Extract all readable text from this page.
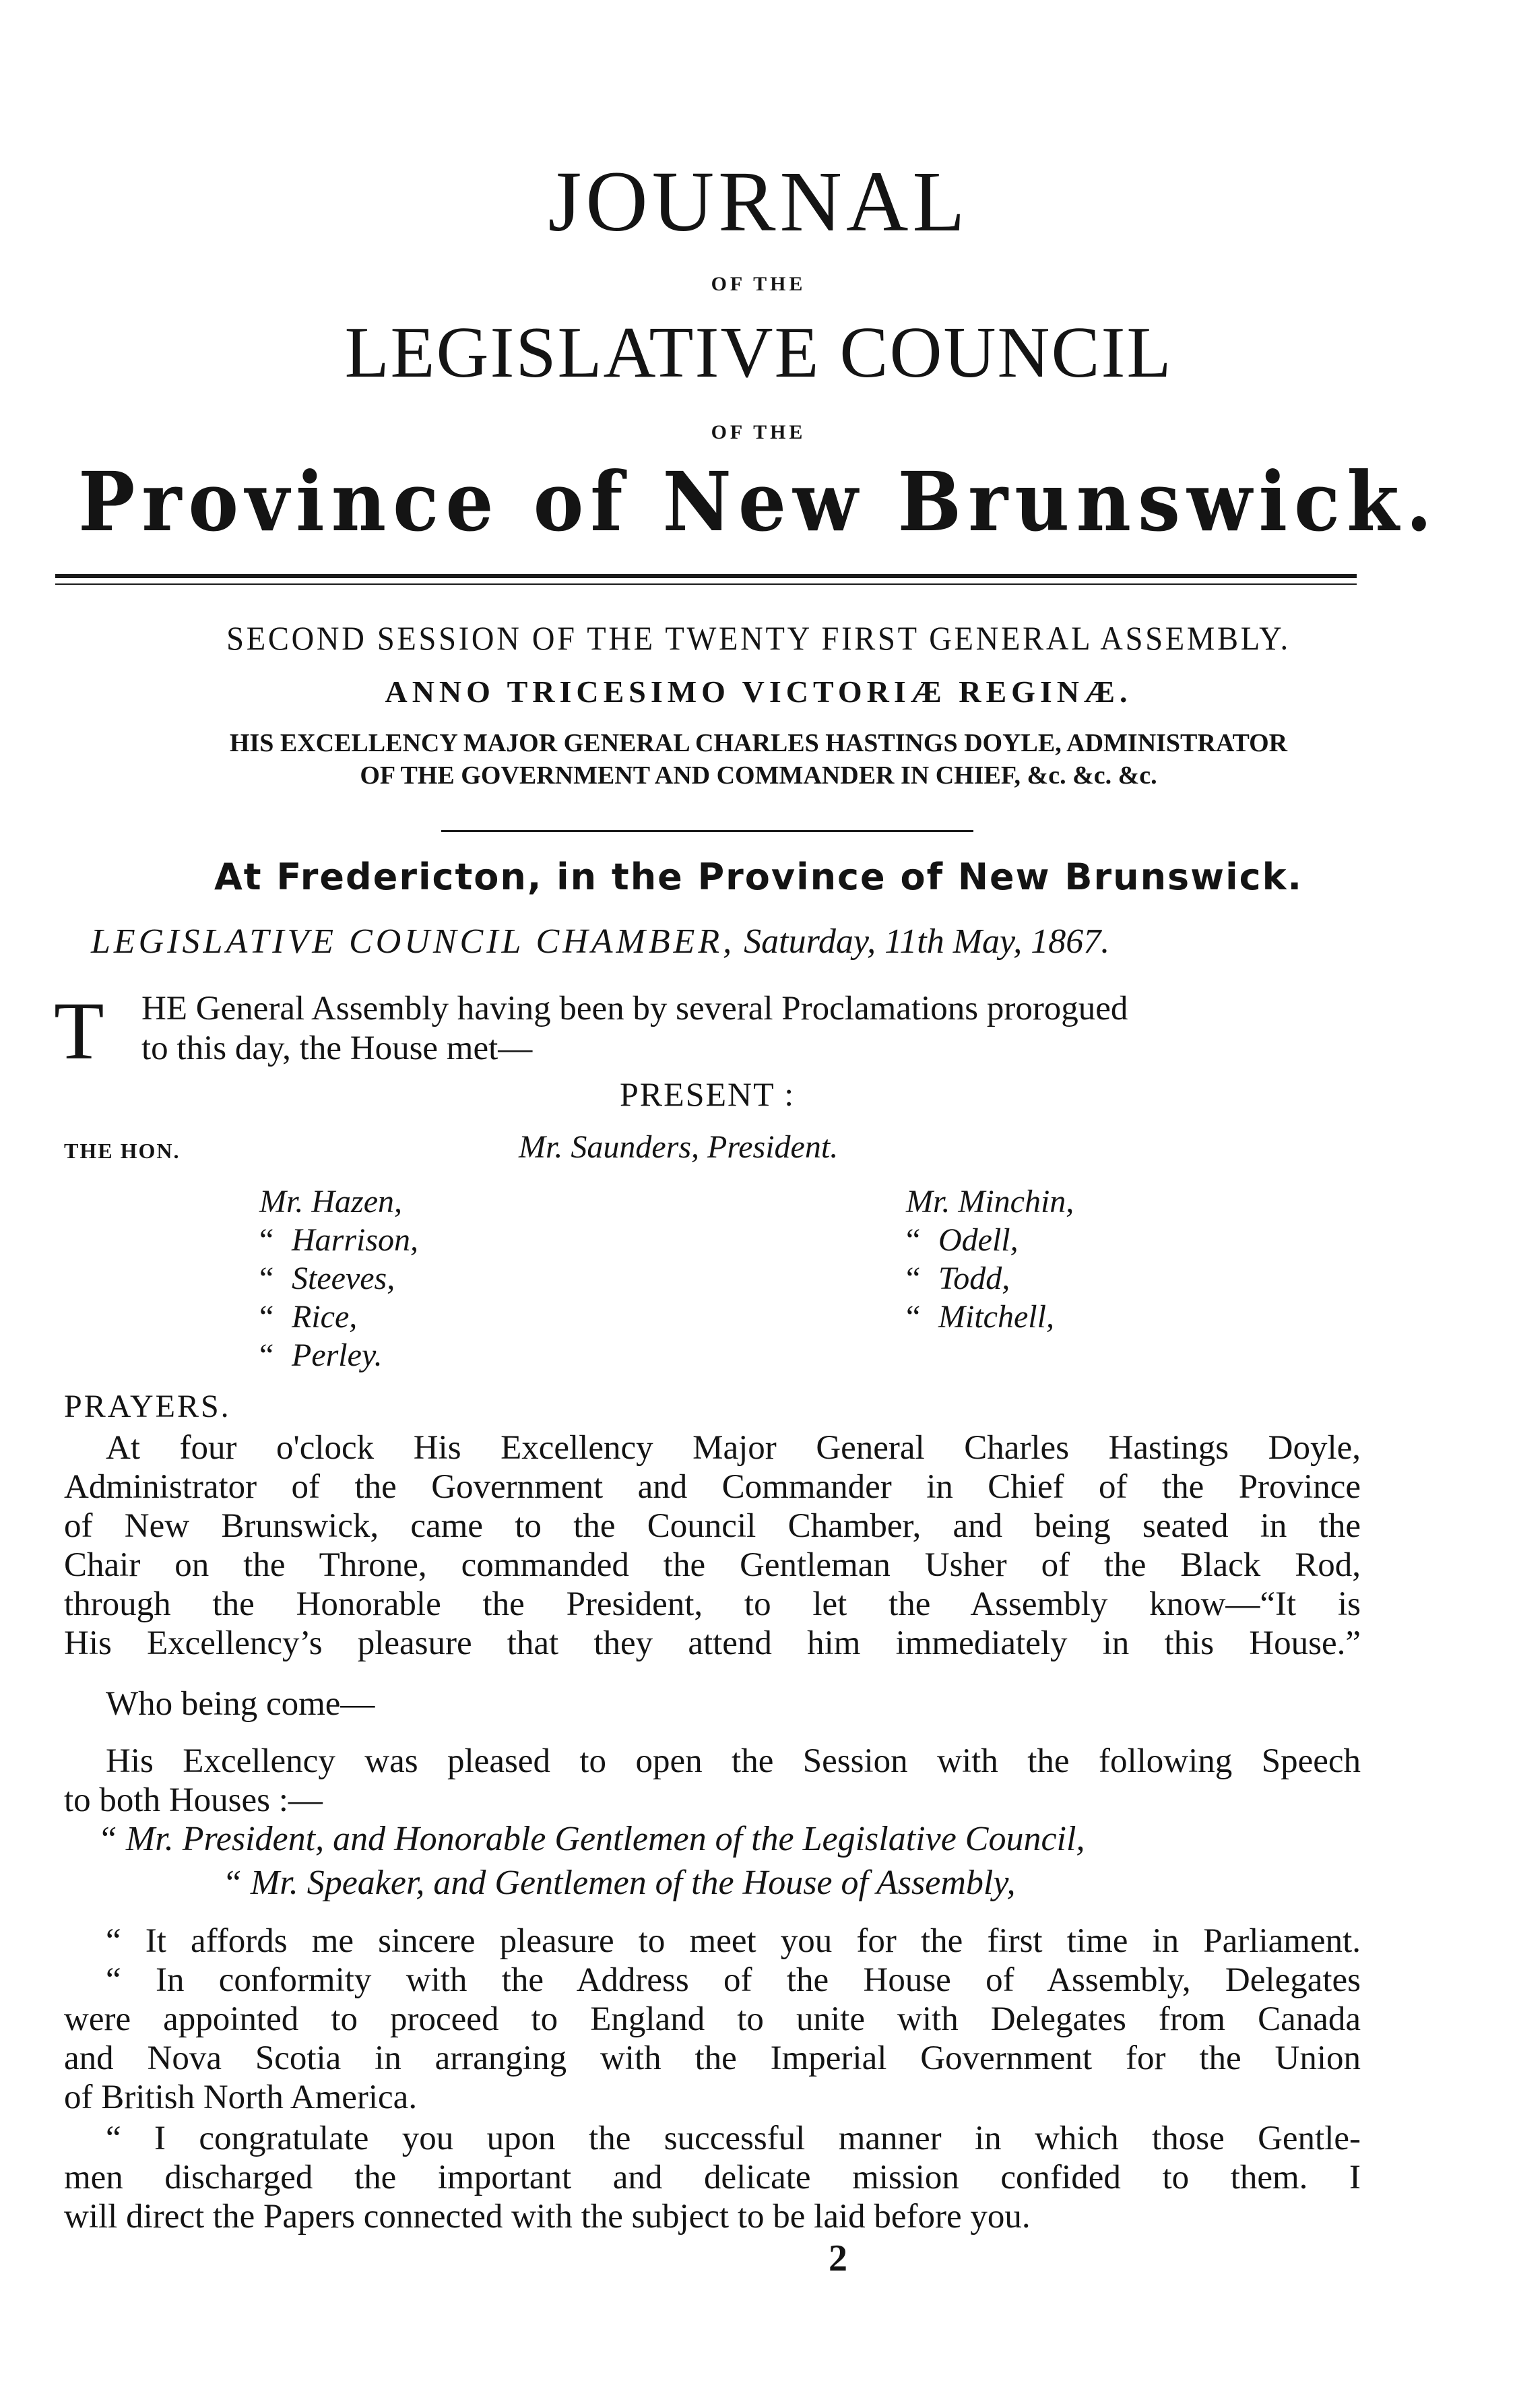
JOURNAL
OF THE
LEGISLATIVE COUNCIL
OF THE
Province of New Brunswick.
SECOND SESSION OF THE TWENTY FIRST GENERAL ASSEMBLY.
ANNO TRICESIMO VICTORIÆ REGINÆ.
HIS EXCELLENCY MAJOR GENERAL CHARLES HASTINGS DOYLE, ADMINISTRATOR
OF THE GOVERNMENT AND COMMANDER IN CHIEF, &c. &c. &c.
At Fredericton, in the Province of New Brunswick.
LEGISLATIVE COUNCIL CHAMBER, Saturday, 11th May, 1867.
T HE General Assembly having been by several Proclamations prorogued
to this day, the House met—
PRESENT :
THE HON.	Mr. Saunders, President.
Mr. Hazen,
“ Harrison,
“ Steeves,
“ Rice,
“ Perley.
Mr. Minchin,
“ Odell,
“ Todd,
“ Mitchell,
PRAYERS.
At four o'clock His Excellency Major General Charles Hastings Doyle,
Administrator of the Government and Commander in Chief of the Province
of New Brunswick, came to the Council Chamber, and being seated in the
Chair on the Throne, commanded the Gentleman Usher of the Black Rod,
through the Honorable the President, to let the Assembly know—“It is
His Excellency’s pleasure that they attend him immediately in this House.”
Who being come—
His Excellency was pleased to open the Session with the following Speech
to both Houses :—
“ Mr. President, and Honorable Gentlemen of the Legislative Council,
“ Mr. Speaker, and Gentlemen of the House of Assembly,
“ It affords me sincere pleasure to meet you for the first time in Parliament.
“ In conformity with the Address of the House of Assembly, Delegates
were appointed to proceed to England to unite with Delegates from Canada
and Nova Scotia in arranging with the Imperial Government for the Union
of British North America.
“ I congratulate you upon the successful manner in which those Gentle-
men discharged the important and delicate mission confided to them. I
will direct the Papers connected with the subject to be laid before you.
2
